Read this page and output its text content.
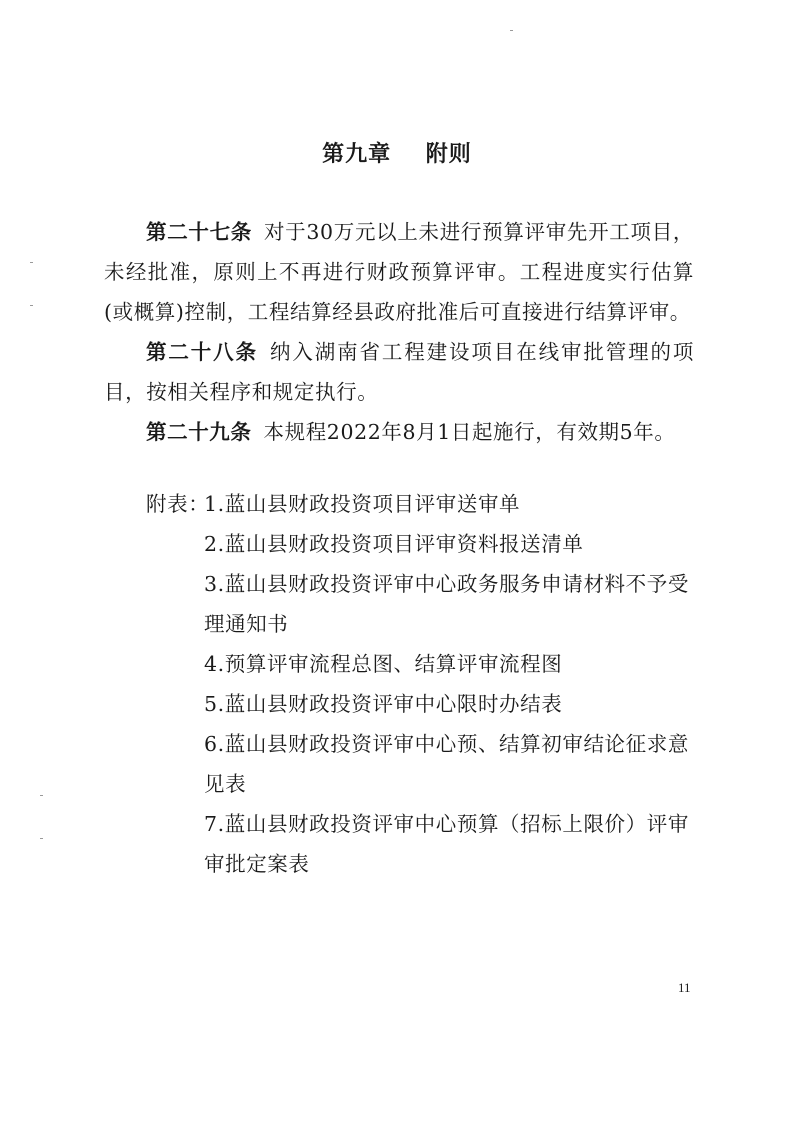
第九章    附则

第二十七条 对于30万元以上未进行预算评审先开工项目，未经批准，原则上不再进行财政预算评审。工程进度实行估算(或概算)控制，工程结算经县政府批准后可直接进行结算评审。

第二十八条 纳入湖南省工程建设项目在线审批管理的项目，按相关程序和规定执行。

第二十九条 本规程2022年8月1日起施行，有效期5年。

附表：
1.蓝山县财政投资项目评审送审单
2.蓝山县财政投资项目评审资料报送清单
3.蓝山县财政投资评审中心政务服务申请材料不予受理通知书
4.预算评审流程总图、结算评审流程图
5.蓝山县财政投资评审中心限时办结表
6.蓝山县财政投资评审中心预、结算初审结论征求意见表
7.蓝山县财政投资评审中心预算（招标上限价）评审审批定案表
11
